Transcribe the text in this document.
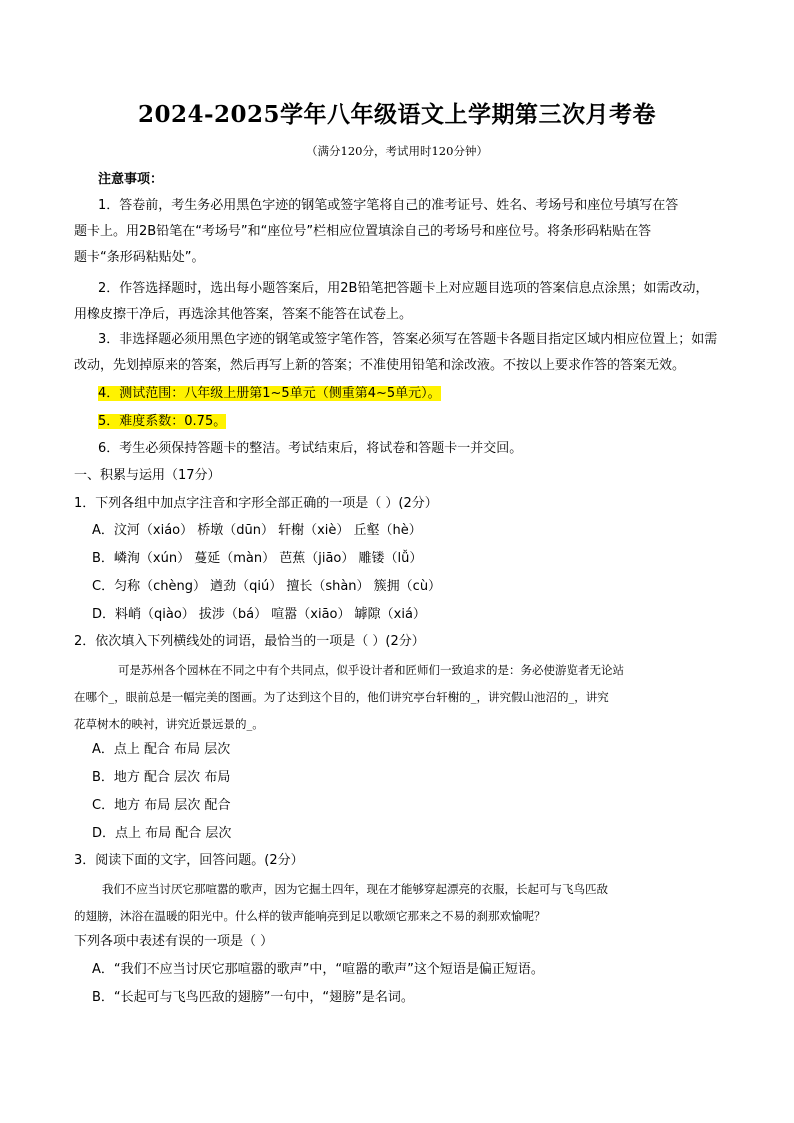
2024-2025学年八年级语文上学期第三次月考卷
（满分120分，考试用时120分钟）
注意事项：
1．答卷前，考生务必用黑色字迹的钢笔或签字笔将自己的准考证号、姓名、考场号和座位号填写在答
题卡上。用2B铅笔在“考场号”和“座位号”栏相应位置填涂自己的考场号和座位号。将条形码粘贴在答
题卡“条形码粘贴处”。
2．作答选择题时，选出每小题答案后，用2B铅笔把答题卡上对应题目选项的答案信息点涂黑；如需改动，
用橡皮擦干净后，再选涂其他答案，答案不能答在试卷上。
3．非选择题必须用黑色字迹的钢笔或签字笔作答，答案必须写在答题卡各题目指定区域内相应位置上；如需
改动，先划掉原来的答案，然后再写上新的答案；不准使用铅笔和涂改液。不按以上要求作答的答案无效。
4．测试范围：八年级上册第1~5单元（侧重第4~5单元）。
5．难度系数：0.75。
6．考生必须保持答题卡的整洁。考试结束后，将试卷和答题卡一并交回。
一、积累与运用（17分）
1．下列各组中加点字注音和字形全部正确的一项是（ ）(2分）
A．汶河（xiáo） 桥墩（dūn） 轩榭（xiè） 丘壑（hè）
B．嶙洵（xún） 蔓延（màn） 芭蕉（jiāo） 雕镂（lǚ）
C．匀称（chèng） 遒劲（qiú） 擅长（shàn） 簇拥（cù）
D．料峭（qiào） 拔涉（bá） 喧嚣（xiāo） 罅隙（xiá）
2．依次填入下列横线处的词语，最恰当的一项是（ ）(2分）
可是苏州各个园林在不同之中有个共同点，似乎设计者和匠师们一致追求的是：务必使游览者无论站
在哪个_，眼前总是一幅完美的图画。为了达到这个目的，他们讲究亭台轩榭的_，讲究假山池沼的_，讲究
花草树木的映衬，讲究近景远景的_。
A．点上 配合 布局 层次
B．地方 配合 层次 布局
C．地方 布局 层次 配合
D．点上 布局 配合 层次
3．阅读下面的文字，回答问题。(2分）
我们不应当讨厌它那喧嚣的歌声，因为它掘土四年，现在才能够穿起漂亮的衣服，长起可与飞鸟匹敌
的翅膀，沐浴在温暖的阳光中。什么样的钹声能响亮到足以歌颂它那来之不易的刹那欢愉呢？
下列各项中表述有误的一项是（ ）
A．“我们不应当讨厌它那喧嚣的歌声”中，“喧嚣的歌声”这个短语是偏正短语。
B．“长起可与飞鸟匹敌的翅膀”一句中，“翅膀”是名词。
